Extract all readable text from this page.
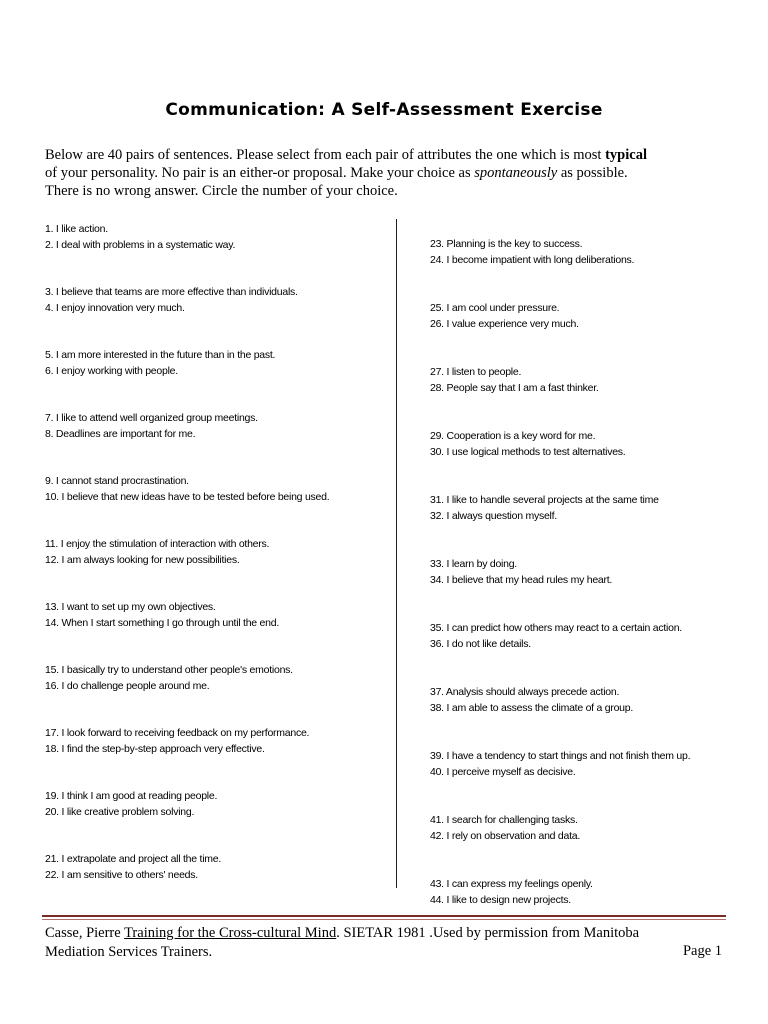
Communication: A Self-Assessment Exercise
Below are 40 pairs of sentences. Please select from each pair of attributes the one which is most typical
of your personality. No pair is an either-or proposal. Make your choice as spontaneously as possible.
There is no wrong answer. Circle the number of your choice.
1. I like action.
2. I deal with problems in a systematic way.
3. I believe that teams are more effective than individuals.
4. I enjoy innovation very much.
5. I am more interested in the future than in the past.
6. I enjoy working with people.
7. I like to attend well organized group meetings.
8. Deadlines are important for me.
9. I cannot stand procrastination.
10. I believe that new ideas have to be tested before being used.
11. I enjoy the stimulation of interaction with others.
12. I am always looking for new possibilities.
13. I want to set up my own objectives.
14. When I start something I go through until the end.
15. I basically try to understand other people's emotions.
16. I do challenge people around me.
17. I look forward to receiving feedback on my performance.
18. I find the step-by-step approach very effective.
19. I think I am good at reading people.
20. I like creative problem solving.
21. I extrapolate and project all the time.
22. I am sensitive to others' needs.
23. Planning is the key to success.
24. I become impatient with long deliberations.
25. I am cool under pressure.
26. I value experience very much.
27. I listen to people.
28. People say that I am a fast thinker.
29. Cooperation is a key word for me.
30. I use logical methods to test alternatives.
31. I like to handle several projects at the same time
32. I always question myself.
33. I learn by doing.
34. I believe that my head rules my heart.
35. I can predict how others may react to a certain action.
36. I do not like details.
37. Analysis should always precede action.
38. I am able to assess the climate of a group.
39. I have a tendency to start things and not finish them up.
40. I perceive myself as decisive.
41. I search for challenging tasks.
42. I rely on observation and data.
43. I can express my feelings openly.
44. I like to design new projects.
Casse, Pierre Training for the Cross-cultural Mind. SIETAR 1981 .Used by permission from Manitoba
Mediation Services Trainers.	Page 1
